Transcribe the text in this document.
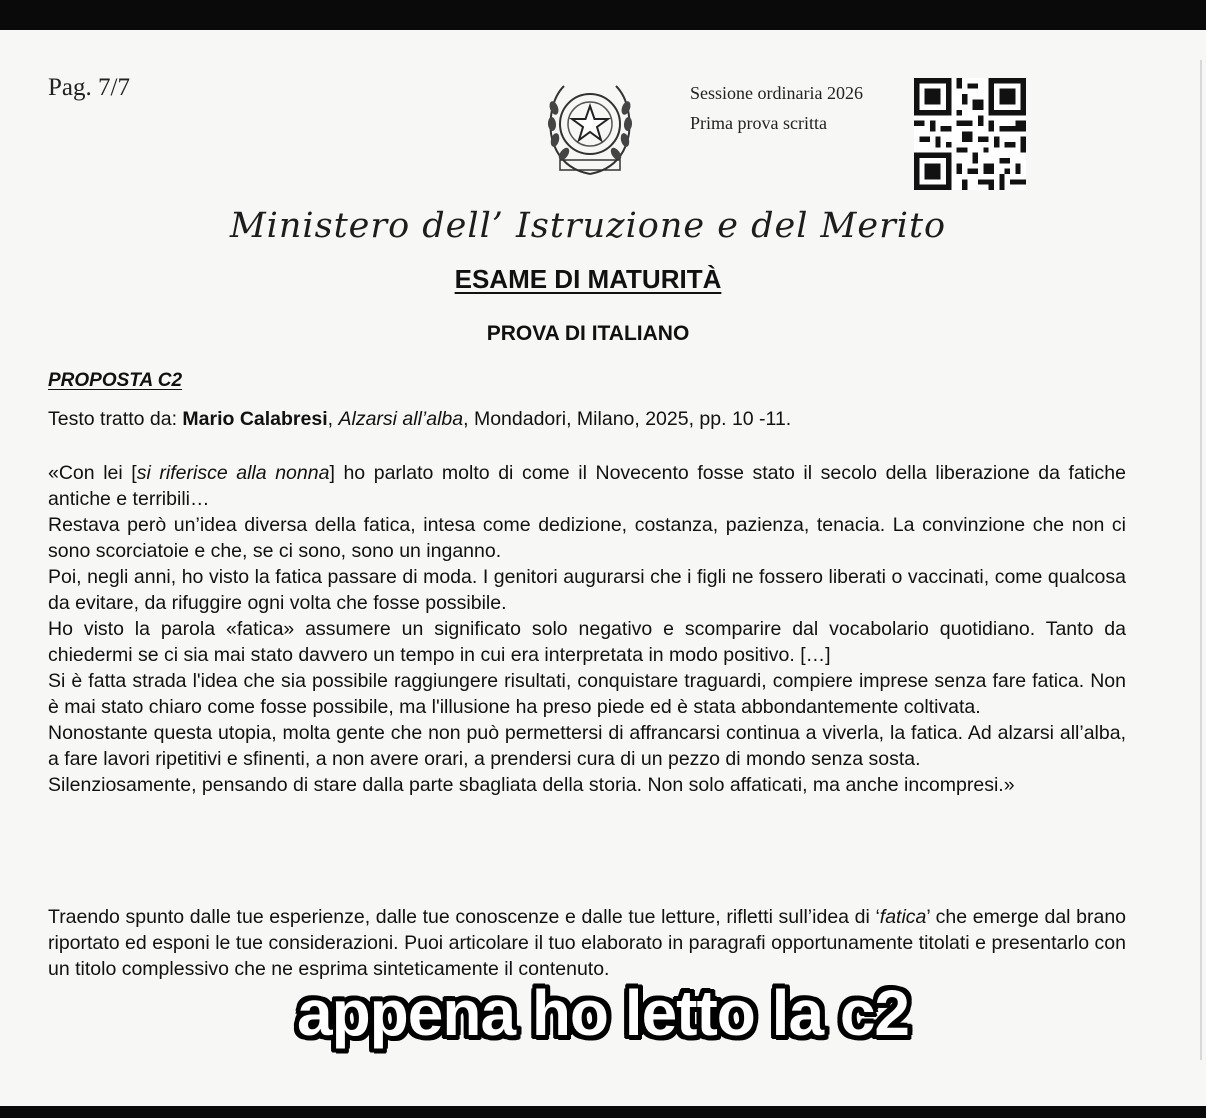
Pag. 7/7	Sessione ordinaria 2026
Prima prova scritta
Ministero dell’ Istruzione e del Merito
ESAME DI MATURITÀ
PROVA DI ITALIANO
PROPOSTA C2
Testo tratto da: Mario Calabresi, Alzarsi all’alba, Mondadori, Milano, 2025, pp. 10 -11.

«Con lei [si riferisce alla nonna] ho parlato molto di come il Novecento fosse stato il secolo della liberazione da fatiche antiche e terribili…

Restava però un’idea diversa della fatica, intesa come dedizione, costanza, pazienza, tenacia. La convinzione che non ci sono scorciatoie e che, se ci sono, sono un inganno.

Poi, negli anni, ho visto la fatica passare di moda. I genitori augurarsi che i figli ne fossero liberati o vaccinati, come qualcosa da evitare, da rifuggire ogni volta che fosse possibile.

Ho visto la parola «fatica» assumere un significato solo negativo e scomparire dal vocabolario quotidiano. Tanto da chiedermi se ci sia mai stato davvero un tempo in cui era interpretata in modo positivo. […]

Si è fatta strada l'idea che sia possibile raggiungere risultati, conquistare traguardi, compiere imprese senza fare fatica. Non è mai stato chiaro come fosse possibile, ma l'illusione ha preso piede ed è stata abbondantemente coltivata.

Nonostante questa utopia, molta gente che non può permettersi di affrancarsi continua a viverla, la fatica. Ad alzarsi all’alba, a fare lavori ripetitivi e sfinenti, a non avere orari, a prendersi cura di un pezzo di mondo senza sosta.

Silenziosamente, pensando di stare dalla parte sbagliata della storia. Non solo affaticati, ma anche incompresi.»

Traendo spunto dalle tue esperienze, dalle tue conoscenze e dalle tue letture, rifletti sull’idea di ‘fatica’ che emerge dal brano riportato ed esponi le tue considerazioni. Puoi articolare il tuo elaborato in paragrafi opportunamente titolati e presentarlo con un titolo complessivo che ne esprima sinteticamente il contenuto.
appena ho letto la c2
